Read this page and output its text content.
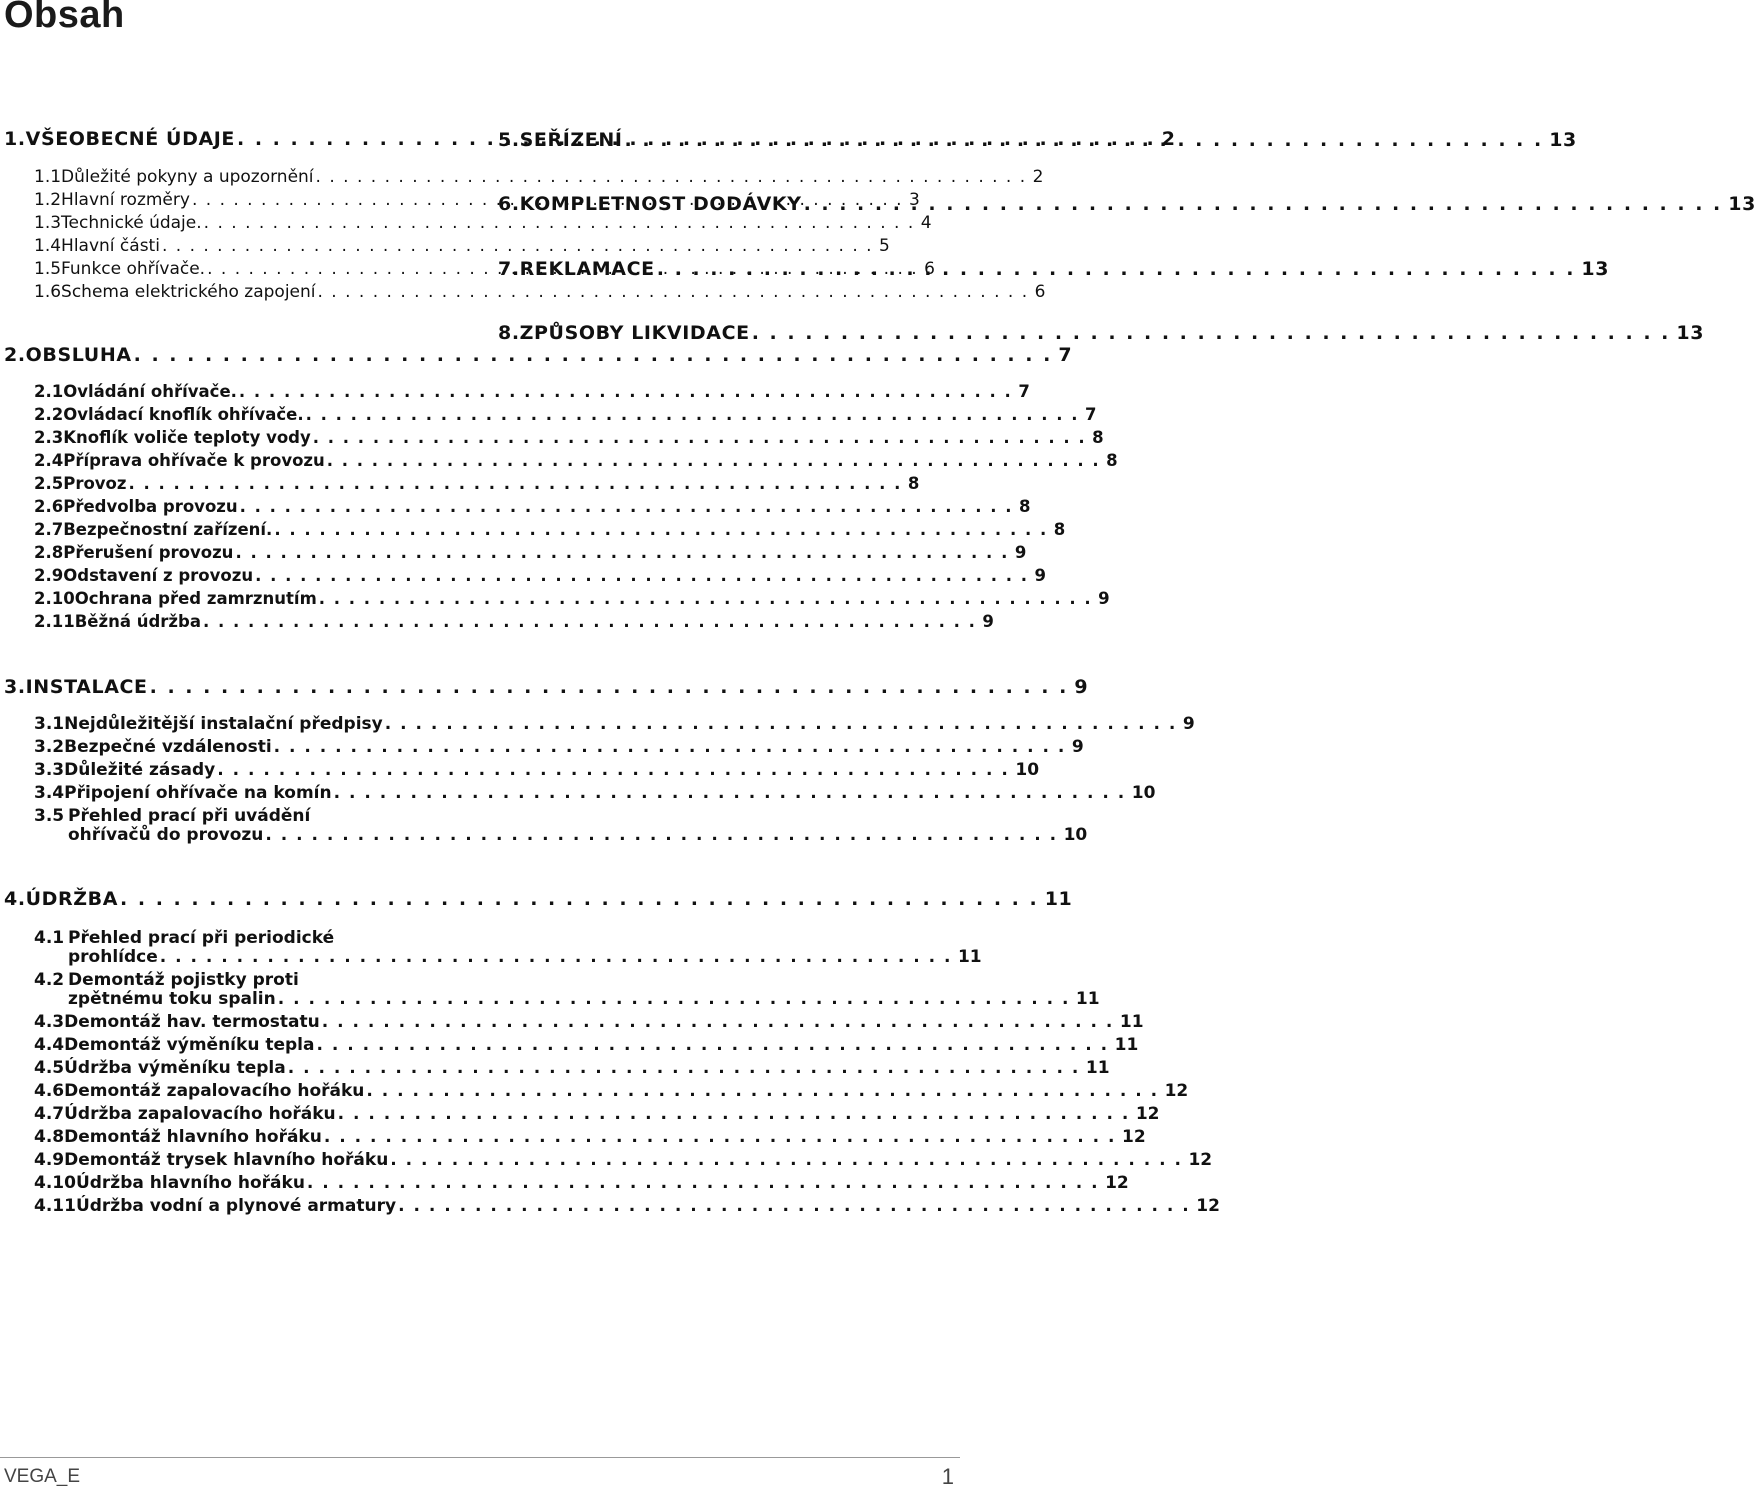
Obsah
1. VŠEOBECNÉ ÚDAJE . . .	2
1.1 Důležité pokyny a upozornění . . .	2
1.2 Hlavní rozměry . . .	3
1.3 Technické údaje. . . .	4
1.4 Hlavní části . . .	5
1.5 Funkce ohřívače. . . .	6
1.6 Schema elektrického zapojení . . .	6
2. OBSLUHA . . .	7
2.1 Ovládání ohřívače. . . .	7
2.2 Ovládací knoflík ohřívače. . . .	7
2.3 Knoflík voliče teploty vody . . .	8
2.4 Příprava ohřívače k provozu . . .	8
2.5 Provoz . . .	8
2.6 Předvolba provozu . . .	8
2.7 Bezpečnostní zařízení. . . .	8
2.8 Přerušení provozu . . .	9
2.9 Odstavení z provozu . . .	9
2.10 Ochrana před zamrznutím . . .	9
2.11 Běžná údržba . . .	9
3. INSTALACE . . .	9
3.1 Nejdůležitější instalační předpisy . . .	9
3.2 Bezpečné vzdálenosti . . .	9
3.3 Důležité zásady . . .	10
3.4 Připojení ohřívače na komín . . .	10
3.5 Přehled prací při uvádění
ohřívačů do provozu . . .	10
4. ÚDRŽBA . . .	11
4.1 Přehled prací při periodické
prohlídce . . .	11
4.2 Demontáž pojistky proti
zpětnému toku spalin . . .	11
4.3 Demontáž hav. termostatu . . .	11
4.4 Demontáž výměníku tepla . . .	11
4.5 Údržba výměníku tepla . . .	11
4.6 Demontáž zapalovacího hořáku . . .	12
4.7 Údržba zapalovacího hořáku . . .	12
4.8 Demontáž hlavního hořáku . . .	12
4.9 Demontáž trysek hlavního hořáku . . .	12
4.10 Údržba hlavního hořáku . . .	12
4.11 Údržba vodní a plynové armatury . . .	12
5. SEŘÍZENÍ . . .	13
6. KOMPLETNOST DODÁVKY . . .	13
7. REKLAMACE . . .	13
8. ZPŮSOBY LIKVIDACE . . .	13
VEGA_E	1
